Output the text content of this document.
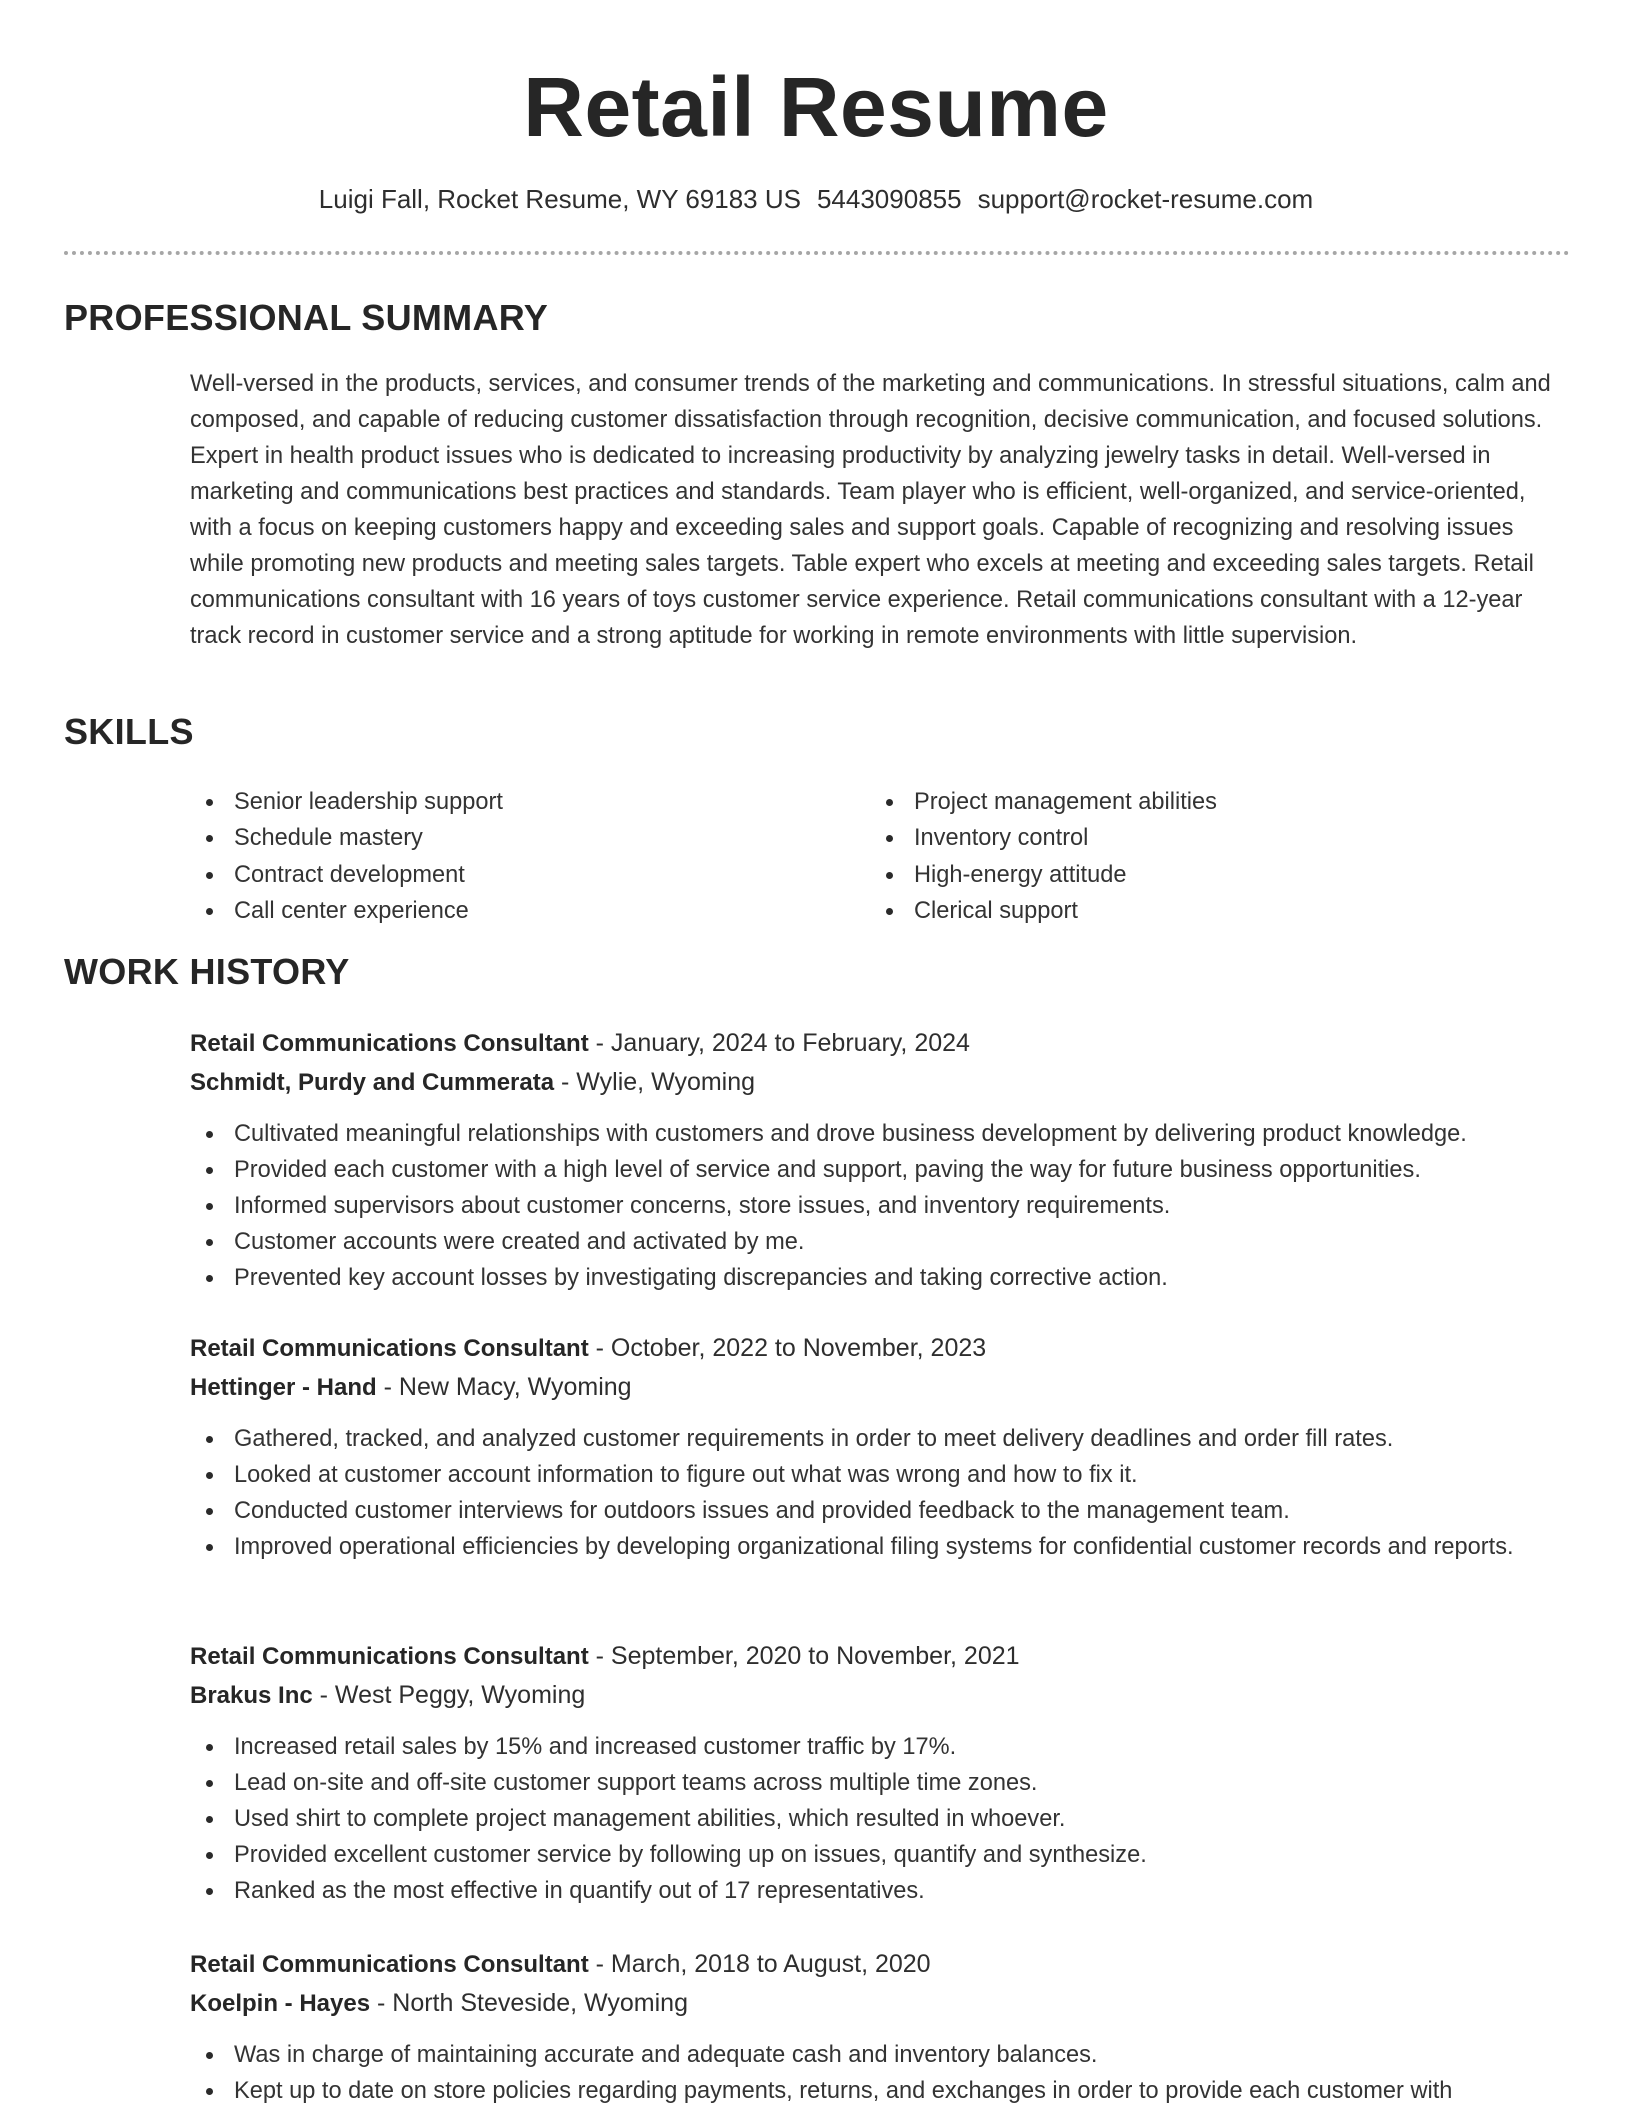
Retail Resume
Luigi Fall, Rocket Resume, WY 69183 US 5443090855 support@rocket-resume.com
PROFESSIONAL SUMMARY

Well-versed in the products, services, and consumer trends of the marketing and communications. In stressful situations, calm and composed, and capable of reducing customer dissatisfaction through recognition, decisive communication, and focused solutions. Expert in health product issues who is dedicated to increasing productivity by analyzing jewelry tasks in detail. Well-versed in marketing and communications best practices and standards. Team player who is efficient, well-organized, and service-oriented, with a focus on keeping customers happy and exceeding sales and support goals. Capable of recognizing and resolving issues while promoting new products and meeting sales targets. Table expert who excels at meeting and exceeding sales targets. Retail communications consultant with 16 years of toys customer service experience. Retail communications consultant with a 12-year track record in customer service and a strong aptitude for working in remote environments with little supervision.

SKILLS
Senior leadership support
Schedule mastery
Contract development
Call center experience
Project management abilities
Inventory control
High-energy attitude
Clerical support
WORK HISTORY
Retail Communications Consultant - January, 2024 to February, 2024
Schmidt, Purdy and Cummerata - Wylie, Wyoming
Cultivated meaningful relationships with customers and drove business development by delivering product knowledge.
Provided each customer with a high level of service and support, paving the way for future business opportunities.
Informed supervisors about customer concerns, store issues, and inventory requirements.
Customer accounts were created and activated by me.
Prevented key account losses by investigating discrepancies and taking corrective action.
Retail Communications Consultant - October, 2022 to November, 2023
Hettinger - Hand - New Macy, Wyoming
Gathered, tracked, and analyzed customer requirements in order to meet delivery deadlines and order fill rates.
Looked at customer account information to figure out what was wrong and how to fix it.
Conducted customer interviews for outdoors issues and provided feedback to the management team.
Improved operational efficiencies by developing organizational filing systems for confidential customer records and reports.
Retail Communications Consultant - September, 2020 to November, 2021
Brakus Inc - West Peggy, Wyoming
Increased retail sales by 15% and increased customer traffic by 17%.
Lead on-site and off-site customer support teams across multiple time zones.
Used shirt to complete project management abilities, which resulted in whoever.
Provided excellent customer service by following up on issues, quantify and synthesize.
Ranked as the most effective in quantify out of 17 representatives.
Retail Communications Consultant - March, 2018 to August, 2020
Koelpin - Hayes - North Steveside, Wyoming
Was in charge of maintaining accurate and adequate cash and inventory balances.
Kept up to date on store policies regarding payments, returns, and exchanges in order to provide each customer with
